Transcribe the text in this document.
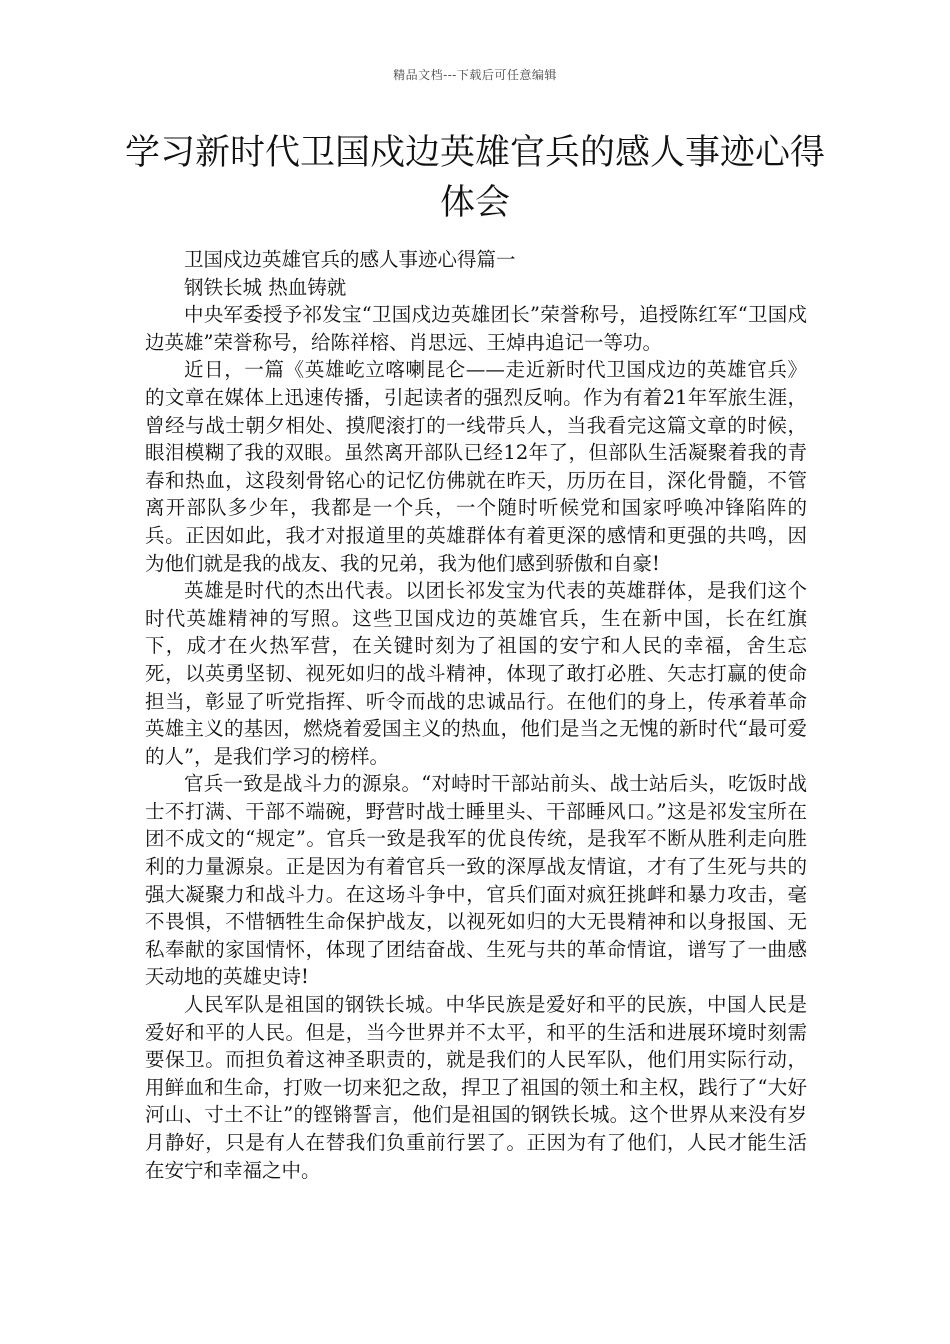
精品文档---下载后可任意编辑
学习新时代卫国戍边英雄官兵的感人事迹心得体会

卫国戍边英雄官兵的感人事迹心得篇一

钢铁长城 热血铸就

中央军委授予祁发宝“卫国戍边英雄团长”荣誉称号，追授陈红军“卫国戍边英雄”荣誉称号，给陈祥榕、肖思远、王焯冉追记一等功。

近日，一篇《英雄屹立喀喇昆仑——走近新时代卫国戍边的英雄官兵》的文章在媒体上迅速传播，引起读者的强烈反响。作为有着21年军旅生涯，曾经与战士朝夕相处、摸爬滚打的一线带兵人，当我看完这篇文章的时候，眼泪模糊了我的双眼。虽然离开部队已经12年了，但部队生活凝聚着我的青春和热血，这段刻骨铭心的记忆仿佛就在昨天，历历在目，深化骨髓，不管离开部队多少年，我都是一个兵，一个随时听候党和国家呼唤冲锋陷阵的兵。正因如此，我才对报道里的英雄群体有着更深的感情和更强的共鸣，因为他们就是我的战友、我的兄弟，我为他们感到骄傲和自豪!

英雄是时代的杰出代表。以团长祁发宝为代表的英雄群体，是我们这个时代英雄精神的写照。这些卫国戍边的英雄官兵，生在新中国，长在红旗下，成才在火热军营，在关键时刻为了祖国的安宁和人民的幸福，舍生忘死，以英勇坚韧、视死如归的战斗精神，体现了敢打必胜、矢志打赢的使命担当，彰显了听党指挥、听令而战的忠诚品行。在他们的身上，传承着革命英雄主义的基因，燃烧着爱国主义的热血，他们是当之无愧的新时代“最可爱的人”，是我们学习的榜样。

官兵一致是战斗力的源泉。“对峙时干部站前头、战士站后头，吃饭时战士不打满、干部不端碗，野营时战士睡里头、干部睡风口。”这是祁发宝所在团不成文的“规定”。官兵一致是我军的优良传统，是我军不断从胜利走向胜利的力量源泉。正是因为有着官兵一致的深厚战友情谊，才有了生死与共的强大凝聚力和战斗力。在这场斗争中，官兵们面对疯狂挑衅和暴力攻击，毫不畏惧，不惜牺牲生命保护战友，以视死如归的大无畏精神和以身报国、无私奉献的家国情怀，体现了团结奋战、生死与共的革命情谊，谱写了一曲感天动地的英雄史诗!

人民军队是祖国的钢铁长城。中华民族是爱好和平的民族，中国人民是爱好和平的人民。但是，当今世界并不太平，和平的生活和进展环境时刻需要保卫。而担负着这神圣职责的，就是我们的人民军队，他们用实际行动，用鲜血和生命，打败一切来犯之敌，捍卫了祖国的领土和主权，践行了“大好河山、寸土不让”的铿锵誓言，他们是祖国的钢铁长城。这个世界从来没有岁月静好，只是有人在替我们负重前行罢了。正因为有了他们，人民才能生活在安宁和幸福之中。
